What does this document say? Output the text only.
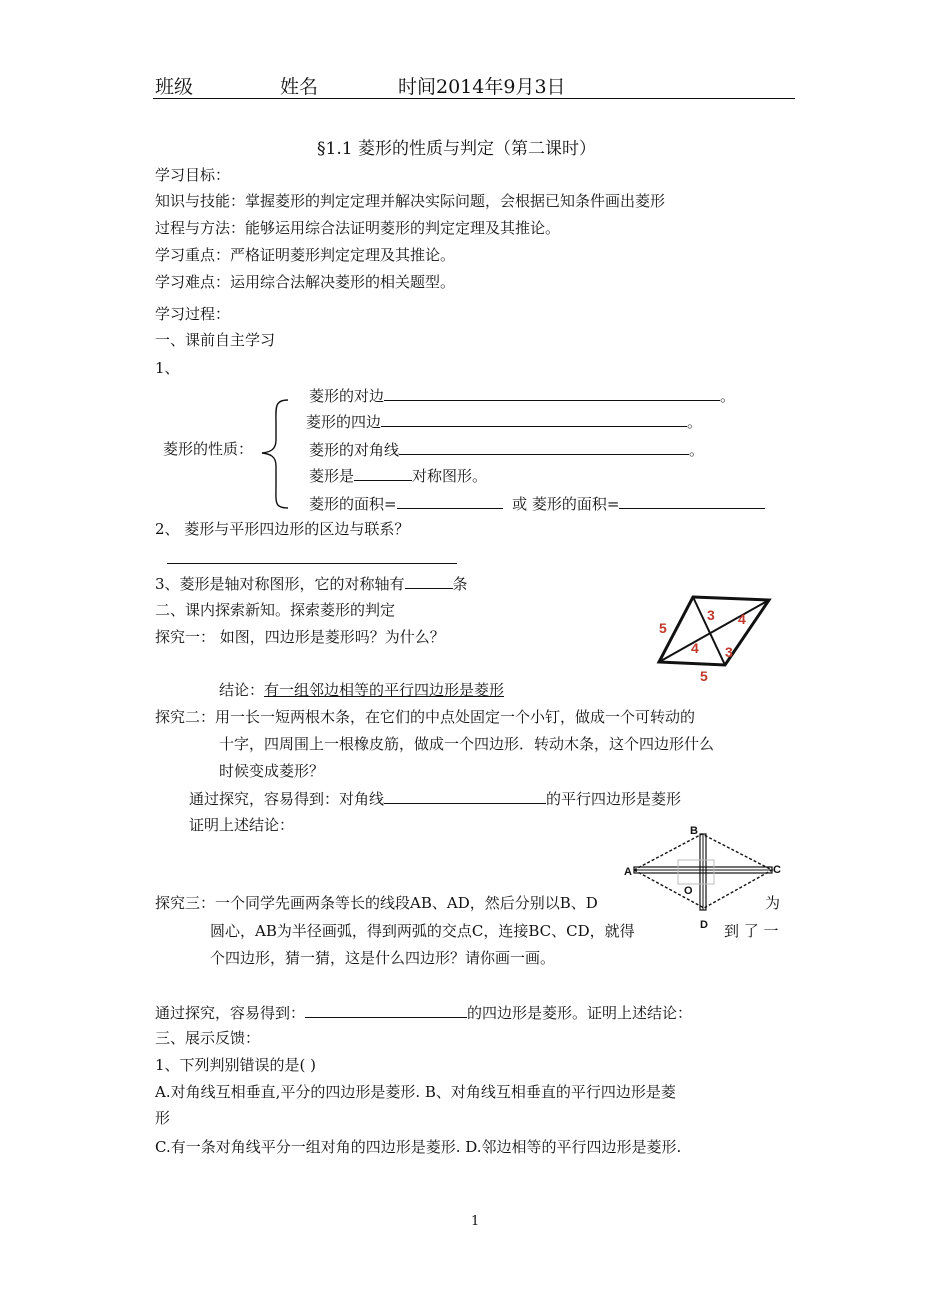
班级	姓名	时间2014年9月3日
§1.1 菱形的性质与判定（第二课时）
学习目标：
知识与技能：掌握菱形的判定定理并解决实际问题，会根据已知条件画出菱形
过程与方法：能够运用综合法证明菱形的判定定理及其推论。
学习重点：严格证明菱形判定定理及其推论。
学习难点：运用综合法解决菱形的相关题型。
学习过程：
一、课前自主学习
1、
菱形的性质：
菱形的对边	。
菱形的四边	。
菱形的对角线	。
菱形是	对称图形。
菱形的面积=	或 菱形的面积=
2、 菱形与平形四边形的区边与联系？
3、菱形是轴对称图形，它的对称轴有	条
二、课内探索新知。探索菱形的判定
探究一： 如图，四边形是菱形吗？为什么？	5
3 4
4 3
5
结论：有一组邻边相等的平行四边形是菱形
探究二：用一长一短两根木条，在它们的中点处固定一个小钉，做成一个可转动的
十字，四周围上一根橡皮筋，做成一个四边形．转动木条，这个四边形什么
时候变成菱形？
通过探究，容易得到：对角线	的平行四边形是菱形
证明上述结论：	B
A	C
D
O
探究三：一个同学先画两条等长的线段AB、AD，然后分别以B、D	为
圆心，AB为半径画弧，得到两弧的交点C，连接BC、CD，就得	到 了 一
个四边形，猜一猜，这是什么四边形？请你画一画。
通过探究，容易得到：	的四边形是菱形。证明上述结论：
三、展示反馈：
1、下列判别错误的是( )
A.对角线互相垂直,平分的四边形是菱形. B、对角线互相垂直的平行四边形是菱
形
C.有一条对角线平分一组对角的四边形是菱形. D.邻边相等的平行四边形是菱形.
1
